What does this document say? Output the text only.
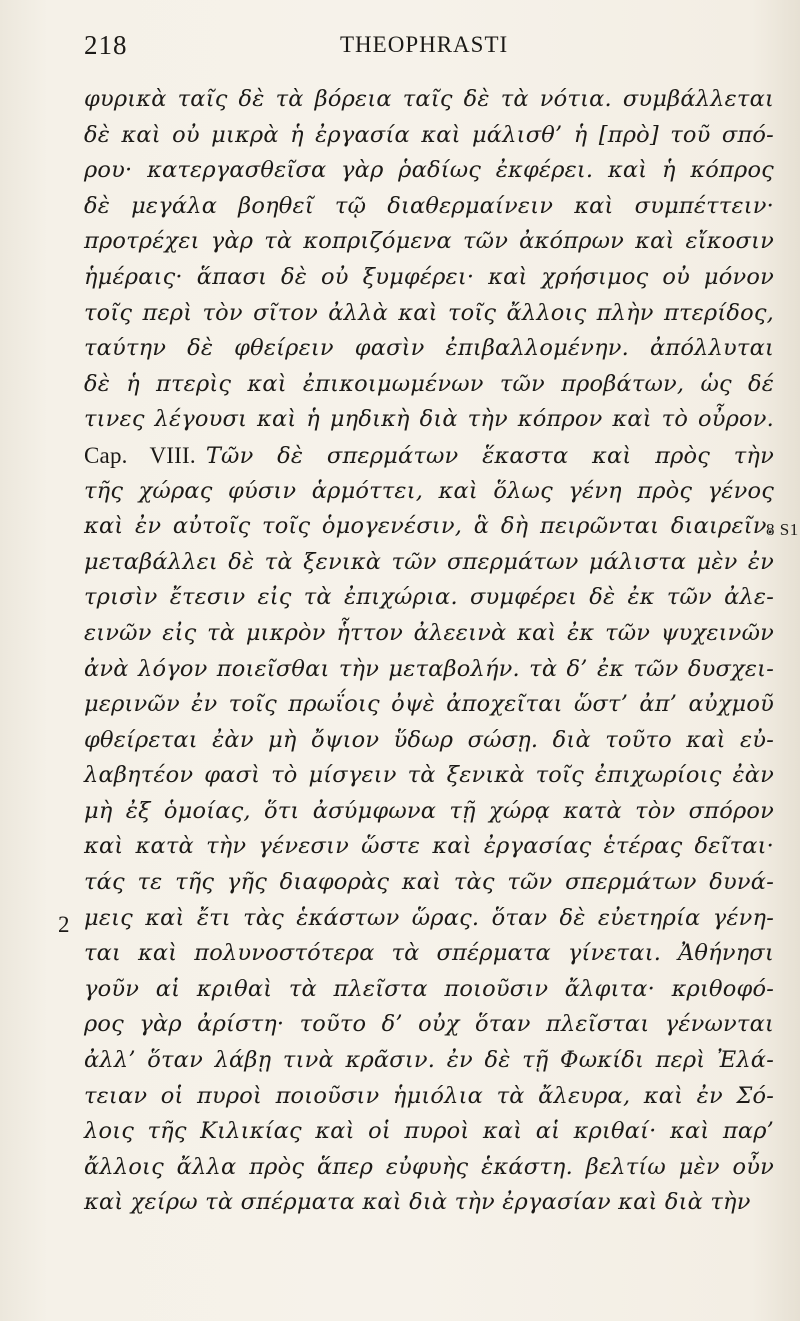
218	THEOPHRASTI
8 S1
2
φυρικὰ ταῖς δὲ τὰ βόρεια ταῖς δὲ τὰ νότια. συμβάλλεται
δὲ καὶ οὐ μικρὰ ἡ ἐργασία καὶ μάλισθ’ ἡ [πρὸ] τοῦ σπό-
ρου· κατεργασθεῖσα γὰρ ῥαδίως ἐκφέρει. καὶ ἡ κόπρος
δὲ μεγάλα βοηθεῖ τῷ διαθερμαίνειν καὶ συμπέττειν·
προτρέχει γὰρ τὰ κοπριζόμενα τῶν ἀκόπρων καὶ εἴκοσιν
ἡμέραις· ἅπασι δὲ οὐ ξυμφέρει· καὶ χρήσιμος οὐ μόνον
τοῖς περὶ τὸν σῖτον ἀλλὰ καὶ τοῖς ἄλλοις πλὴν πτερίδος,
ταύτην δὲ φθείρειν φασὶν ἐπιβαλλομένην. ἀπόλλυται
δὲ ἡ πτερὶς καὶ ἐπικοιμωμένων τῶν προβάτων, ὡς δέ
τινες λέγουσι καὶ ἡ μηδικὴ διὰ τὴν κόπρον καὶ τὸ οὖρον.
Cap. VIII. Τῶν δὲ σπερμάτων ἕκαστα καὶ πρὸς τὴν
τῆς χώρας φύσιν ἁρμόττει, καὶ ὅλως γένη πρὸς γένος
καὶ ἐν αὐτοῖς τοῖς ὁμογενέσιν, ἃ δὴ πειρῶνται διαιρεῖν.
μεταβάλλει δὲ τὰ ξενικὰ τῶν σπερμάτων μάλιστα μὲν ἐν
τρισὶν ἔτεσιν εἰς τὰ ἐπιχώρια. συμφέρει δὲ ἐκ τῶν ἀλε-
εινῶν εἰς τὰ μικρὸν ἧττον ἀλεεινὰ καὶ ἐκ τῶν ψυχεινῶν
ἀνὰ λόγον ποιεῖσθαι τὴν μεταβολήν. τὰ δ’ ἐκ τῶν δυσχει-
μερινῶν ἐν τοῖς πρωΐοις ὀψὲ ἀποχεῖται ὥστ’ ἀπ’ αὐχμοῦ
φθείρεται ἐὰν μὴ ὄψιον ὕδωρ σώσῃ. διὰ τοῦτο καὶ εὐ-
λαβητέον φασὶ τὸ μίσγειν τὰ ξενικὰ τοῖς ἐπιχωρίοις ἐὰν
μὴ ἐξ ὁμοίας, ὅτι ἀσύμφωνα τῇ χώρᾳ κατὰ τὸν σπόρον
καὶ κατὰ τὴν γένεσιν ὥστε καὶ ἐργασίας ἑτέρας δεῖται·
τάς τε τῆς γῆς διαφορὰς καὶ τὰς τῶν σπερμάτων δυνά-
μεις καὶ ἔτι τὰς ἑκάστων ὥρας. ὅταν δὲ εὐετηρία γένη-
ται καὶ πολυνοστότερα τὰ σπέρματα γίνεται. Ἀθήνησι
γοῦν αἱ κριθαὶ τὰ πλεῖστα ποιοῦσιν ἄλφιτα· κριθοφό-
ρος γὰρ ἀρίστη· τοῦτο δ’ οὐχ ὅταν πλεῖσται γένωνται
ἀλλ’ ὅταν λάβῃ τινὰ κρᾶσιν. ἐν δὲ τῇ Φωκίδι περὶ Ἐλά-
τειαν οἱ πυροὶ ποιοῦσιν ἡμιόλια τὰ ἄλευρα, καὶ ἐν Σό-
λοις τῆς Κιλικίας καὶ οἱ πυροὶ καὶ αἱ κριθαί· καὶ παρ’
ἄλλοις ἄλλα πρὸς ἅπερ εὐφυὴς ἑκάστη. βελτίω μὲν οὖν
καὶ χείρω τὰ σπέρματα καὶ διὰ τὴν ἐργασίαν καὶ διὰ τὴν
